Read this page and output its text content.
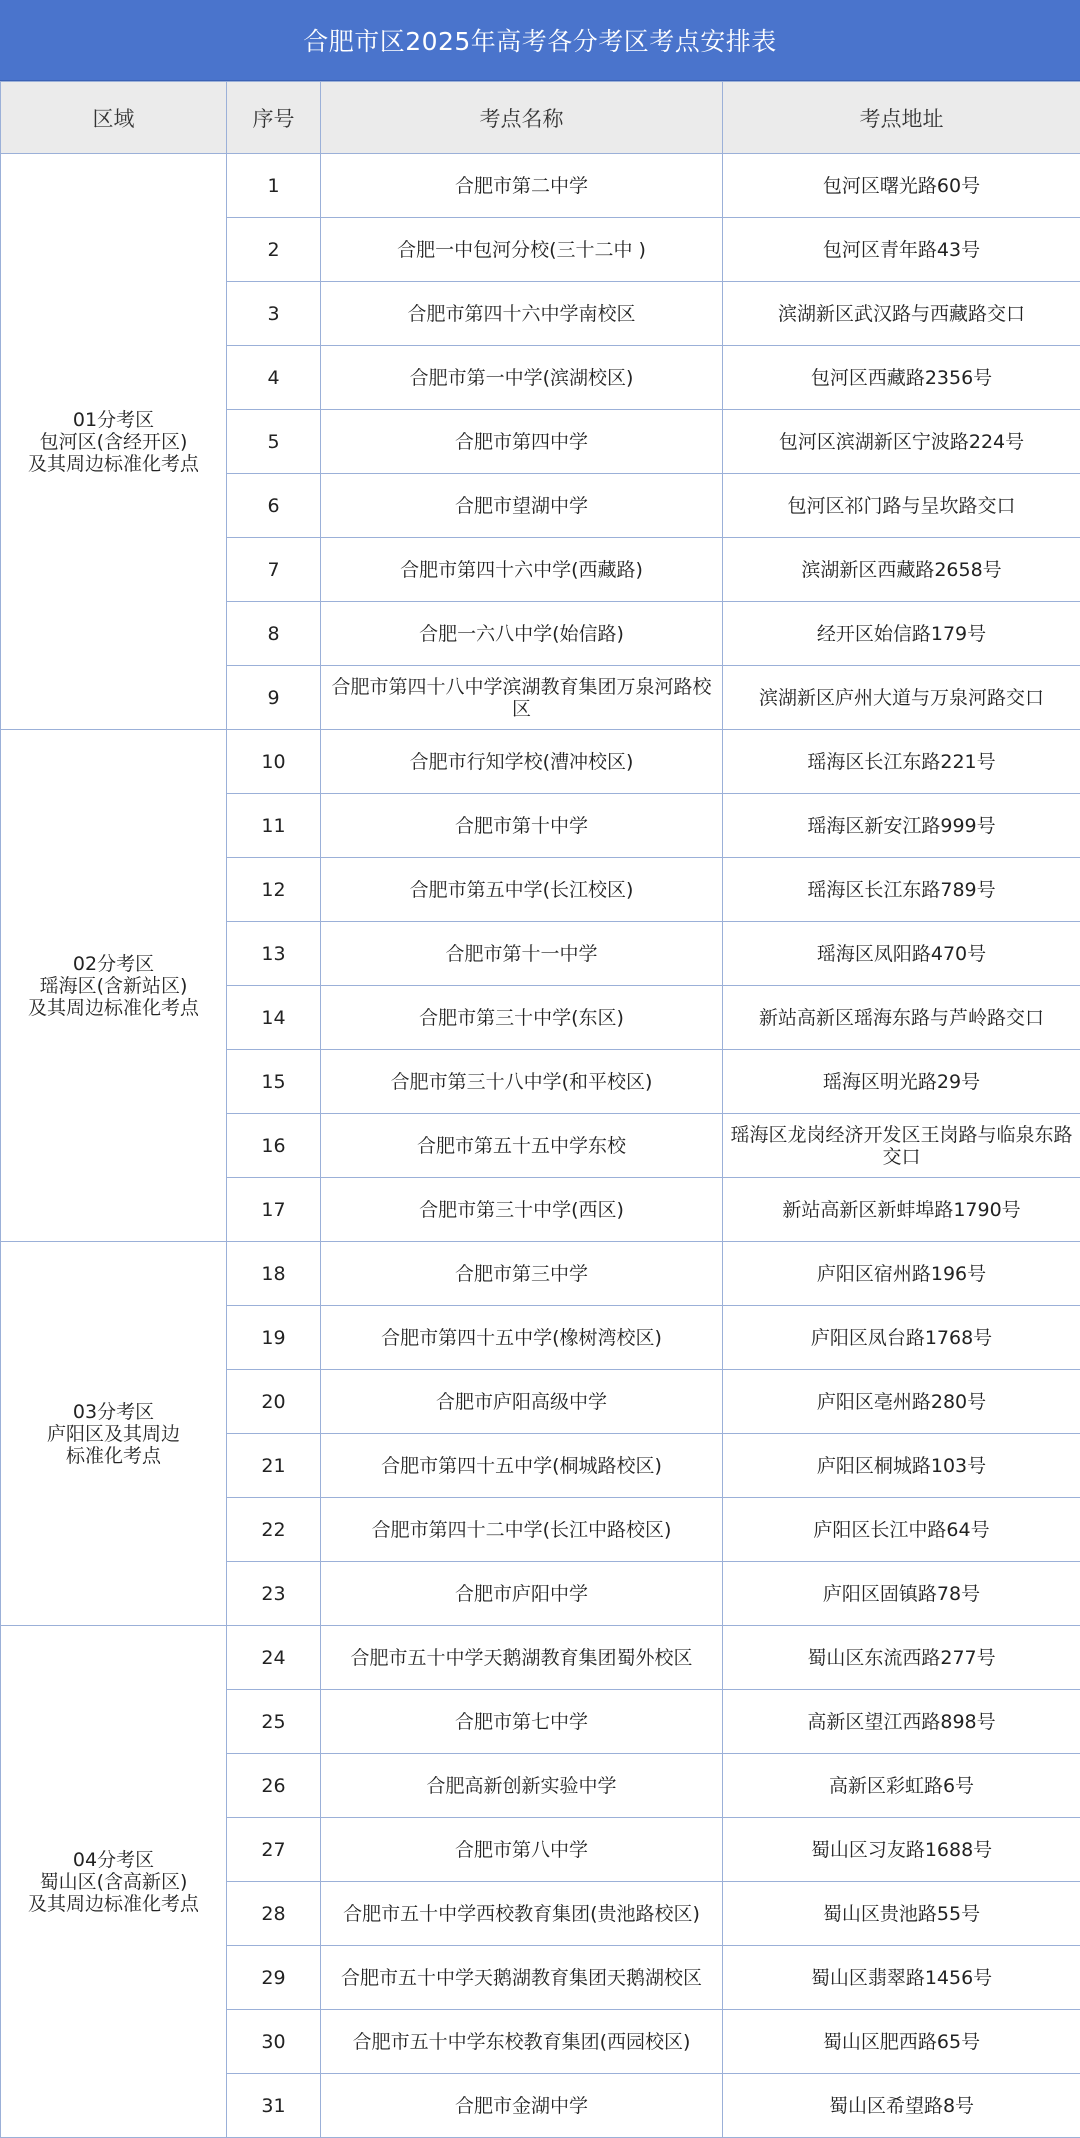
合肥市区2025年高考各分考区考点安排表
区域	序号	考点名称	考点地址

01分考区
包河区(含经开区)
及其周边标准化考点	1	合肥市第二中学	包河区曙光路60号
	2	合肥一中包河分校(三十二中 )	包河区青年路43号
	3	合肥市第四十六中学南校区	滨湖新区武汉路与西藏路交口
	4	合肥市第一中学(滨湖校区)	包河区西藏路2356号
	5	合肥市第四中学	包河区滨湖新区宁波路224号
	6	合肥市望湖中学	包河区祁门路与呈坎路交口
	7	合肥市第四十六中学(西藏路)	滨湖新区西藏路2658号
	8	合肥一六八中学(始信路)	经开区始信路179号
	9	合肥市第四十八中学滨湖教育集团万泉河路校区	滨湖新区庐州大道与万泉河路交口

02分考区
瑶海区(含新站区)
及其周边标准化考点	10	合肥市行知学校(漕冲校区)	瑶海区长江东路221号
	11	合肥市第十中学	瑶海区新安江路999号
	12	合肥市第五中学(长江校区)	瑶海区长江东路789号
	13	合肥市第十一中学	瑶海区凤阳路470号
	14	合肥市第三十中学(东区)	新站高新区瑶海东路与芦岭路交口
	15	合肥市第三十八中学(和平校区)	瑶海区明光路29号
	16	合肥市第五十五中学东校	瑶海区龙岗经济开发区王岗路与临泉东路交口
	17	合肥市第三十中学(西区)	新站高新区新蚌埠路1790号

03分考区
庐阳区及其周边
标准化考点	18	合肥市第三中学	庐阳区宿州路196号
	19	合肥市第四十五中学(橡树湾校区)	庐阳区凤台路1768号
	20	合肥市庐阳高级中学	庐阳区亳州路280号
	21	合肥市第四十五中学(桐城路校区)	庐阳区桐城路103号
	22	合肥市第四十二中学(长江中路校区)	庐阳区长江中路64号
	23	合肥市庐阳中学	庐阳区固镇路78号

04分考区
蜀山区(含高新区)
及其周边标准化考点	24	合肥市五十中学天鹅湖教育集团蜀外校区	蜀山区东流西路277号
	25	合肥市第七中学	高新区望江西路898号
	26	合肥高新创新实验中学	高新区彩虹路6号
	27	合肥市第八中学	蜀山区习友路1688号
	28	合肥市五十中学西校教育集团(贵池路校区)	蜀山区贵池路55号
	29	合肥市五十中学天鹅湖教育集团天鹅湖校区	蜀山区翡翠路1456号
	30	合肥市五十中学东校教育集团(西园校区)	蜀山区肥西路65号
	31	合肥市金湖中学	蜀山区希望路8号
